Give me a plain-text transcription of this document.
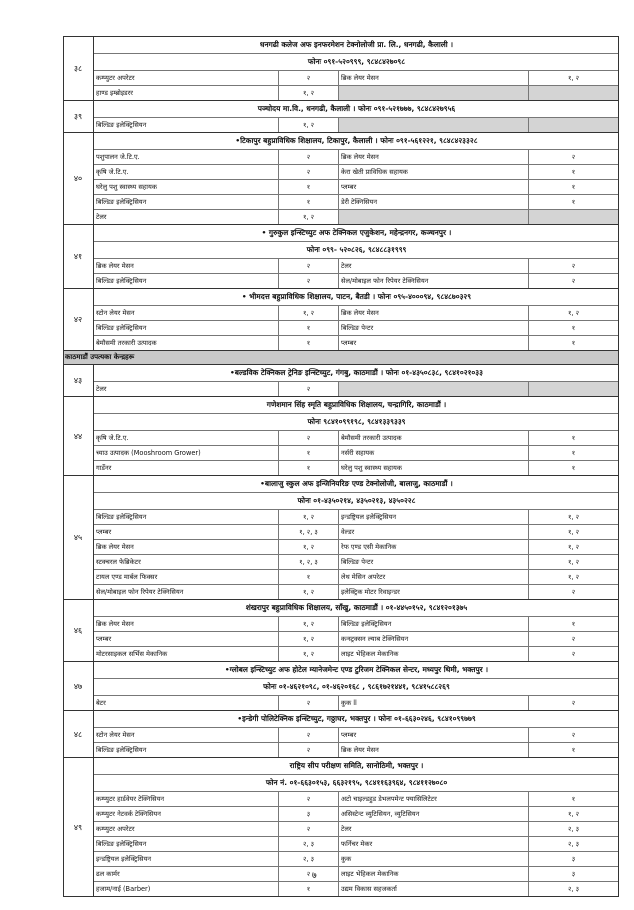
३८
धनगढी कलेज अफ इनफरमेशन टेक्नोलोजी प्रा. लि., धनगढी, कैलाली ।
फोनः ०९१-५२०९९९, ९८४८४२७०९८
कम्प्युटर अपरेटर	२	ब्रिक लेयर मेसन	१, २
हाण्ड इम्ब्रोइडरर	१, २
३९
पञ्चोदय मा.वि., धनगढी, कैलाली । फोनः ०९१-५२१७७७, ९८४८४२७९५६
बिल्डिङ इलेक्ट्रिसियन	१, २
४०
•टिकापुर बहुप्राविधिक शिक्षालय, टिकापुर, कैलाली । फोनः ०९१-५६१२२१, ९८४८४२३३२८
पशुपालन जे.टि.ए.	२	ब्रिक लेयर मेसन	२
कृषि जे.टि.ए.	२	केरा खेती प्राविधिक सहायक	१
घरेलु पशु स्वास्थ्य सहायक	१	प्लम्बर	१
बिल्डिङ इलेक्ट्रिसियन	१	डेरी टेक्निसियन	१
टेलर	१, २
४१
• गुरुकुल इन्स्टिच्युट अफ टेक्निकल एजुकेशन, महेन्द्रनगर, कञ्चनपुर ।
फोनः ०९९- ५२०८२६, ९८४८८३१९९९
ब्रिक लेयर मेसन	२	टेलर	२
बिल्डिङ इलेक्ट्रिसियन	२	सेल/मोबाइल फोन रिपेयर टेक्निसियन	२
४२
• भीमदत्त बहुप्राविधिक शिक्षालय, पाटन, बैतडी । फोनः ०९५-४०००९४, ९८४८७०३२९
स्टोन लेयर मेसन	१, २	ब्रिक लेयर मेसन	१, २
बिल्डिङ इलेक्ट्रिसियन	१	बिल्डिङ पेन्टर	१
बेमौसमी तरकारी उत्पादक	१	प्लम्बर	१
काठमाडौं उपत्यका केन्द्रहरू
४३
•बल्डविक टेक्निकल ट्रेनिङ इन्स्टिच्युट, गंगबु, काठमाडौं । फोनः ०१-४३५०८३८, ९८४१०२१०३३
टेलर	२
४४
गणेशमान सिंह स्मृति बहुप्राविधिक शिक्षालय, चन्द्रागिरि, काठमाडौं ।
फोनः ९८४१०९९१९८, ९८४१३३९३३९
कृषि जे.टि.ए.	२	बेमौसमी तरकारी उत्पादक	१
च्याउ उत्पादक (Mooshroom Grower)	१	नर्सरी सहायक	१
गार्डेनर	१	घरेलु पशु स्वास्थ्य सहायक	१
४५
•बालाजु स्कुल अफ इन्जिनियरिङ एण्ड टेक्नोलोजी, बालाजु, काठमाडौं ।
फोनः ०१-४३५०२१४, ४३५०२१३, ४३५०२२८
बिल्डिङ इलेक्ट्रिसियन	१, २	इन्डष्ट्रियल इलेक्ट्रिसियन	१, २
प्लम्बर	१, २, ३	वेल्डर	१, २
ब्रिक लेयर मेसन	१, २	रेफ एण्ड एसी मेकानिक	१, २
स्टक्चरल फेब्रिकेटर	१, २, ३	बिल्डिङ पेन्टर	१, २
टायल एण्ड मार्बल फिक्सर	१	लेथ मेसिन अपरेटर	१, २
सेल/मोबाइल फोन रिपेयर टेक्निसियन	१, २	इलेक्ट्रिक मोटर रिवाइन्डर	२
४६
शंखरापुर बहुप्राविधिक शिक्षालय, साँखु, काठमाडौं । ०१-४४५०१५२, ९८४१२०१३७५
ब्रिक लेयर मेसन	१, २	बिल्डिङ इलेक्ट्रिसियन	१
प्लम्बर	१, २	कन्स्ट्रक्सन ल्याब टेक्निसियन	२
मोटरसाइकल सर्भिस मेकानिक	१, २	लाइट भेहिकल मेकानिक	२
४७
•ग्लोबल इन्स्टिच्युट अफ होटेल म्यानेजमेन्ट एण्ड टुरिजम टेक्निकल सेन्टर, मध्यपुर थिमी, भक्तपुर ।
फोनः ०१-४६२१०९८, ०१-४६२०१६८ , ९८६१७२१४४१, ९८४१५८८२६९
बेटर	२	कुक ll	२
४८
•इन्डेगी पोलिटेक्निक इन्स्टिच्युट, गठ्ठाघर, भक्तपुर । फोनः ०१-६६३०२४६, ९८४१०९९७७९
स्टोन लेयर मेसन	२	प्लम्बर	२
बिल्डिङ इलेक्ट्रिसियन	२	ब्रिक लेयर मेसन	१
४९
राष्ट्रिय सीप परीक्षण समिति, सानोठिमी, भक्तपुर ।
फोन नं. ०१-६६३०१५३, ६६३२१९५, ९८४११६३९६४, ९८४११२७०८०
कम्प्युटर हार्डवेयर टेक्निसियन	२	अटो चाइल्डहुड डेभलपमेन्ट फ्यासिलिटेटर	१
कम्प्युटर नेटवर्क टेक्निसियन	३	असिस्टेन्ट व्युटिसियन, व्युटिसियन	१, २
कम्प्युटर अपरेटर	२	टेलर	२, ३
बिल्डिङ इलेक्ट्रिसियन	२, ३	फर्निचर मेकर	२, ३
इन्डष्ट्रियल इलेक्ट्रिसियन	२, ३	कुक	३
ढल कार्मर	२	लाइट भेहिकल मेकानिक	३
हजाम/नाई (Barber)	१	उद्यम विकास सहजकर्ता	२, ३
७
